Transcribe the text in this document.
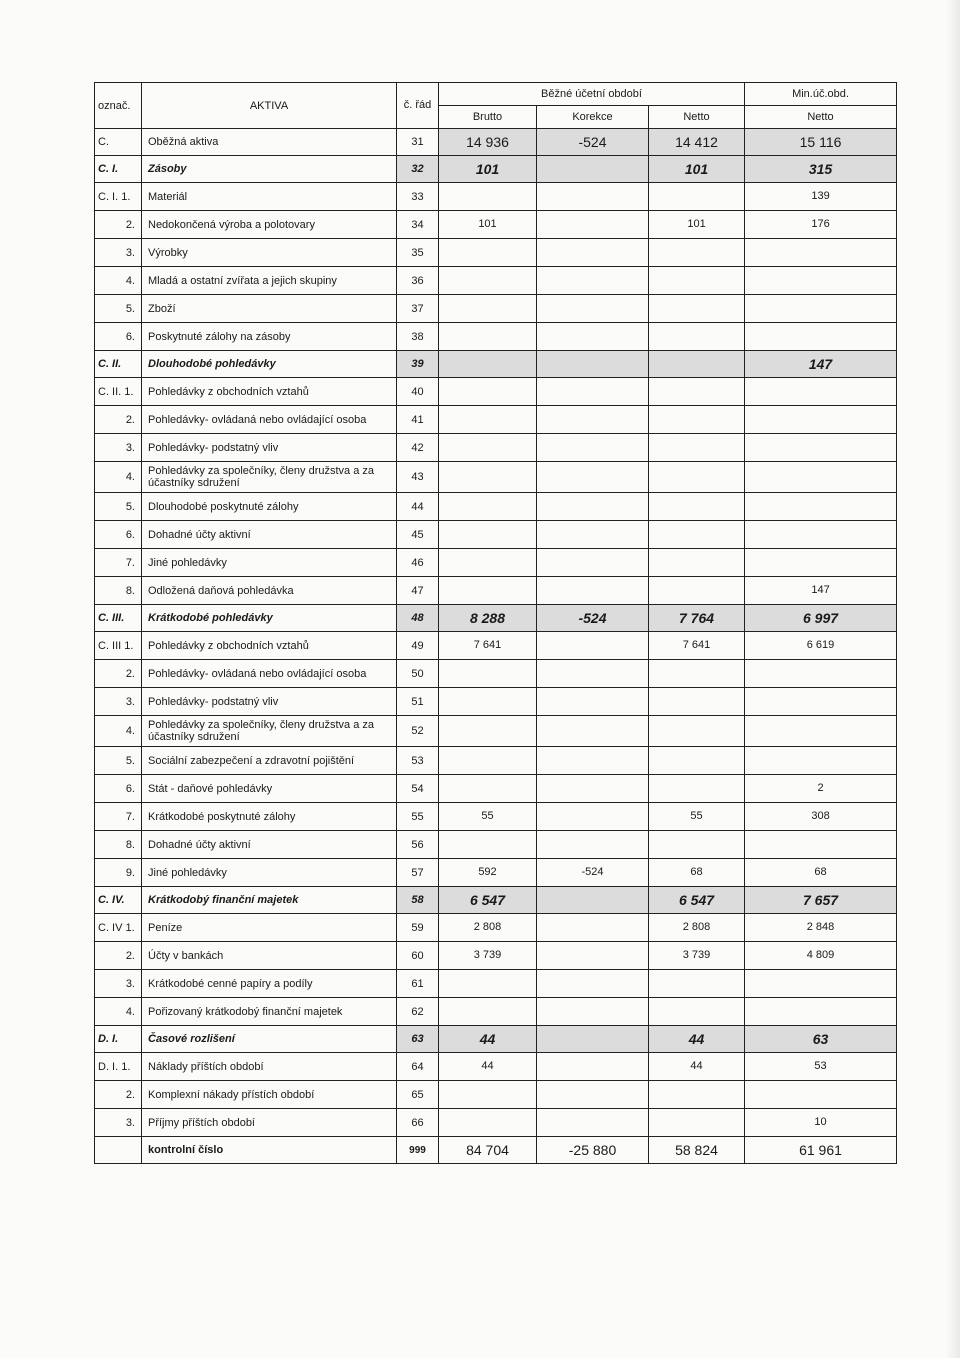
označ.	AKTIVA	č. řád	Běžné účetní období			Min.úč.obd.
			Brutto	Korekce	Netto	Netto
C.	Oběžná aktiva	31	14 936	-524	14 412	15 116
C. I.	Zásoby	32	101		101	315
C. I. 1.	Materiál	33				139
2.	Nedokončená výroba a polotovary	34	101		101	176
3.	Výrobky	35				
4.	Mladá a ostatní zvířata a jejich skupiny	36				
5.	Zboží	37				
6.	Poskytnuté zálohy na zásoby	38				
C. II.	Dlouhodobé pohledávky	39				147
C. II. 1.	Pohledávky z obchodních vztahů	40				
2.	Pohledávky- ovládaná nebo ovládající osoba	41				
3.	Pohledávky- podstatný vliv	42				
4.	Pohledávky za společníky, členy družstva a za účastníky sdružení	43				
5.	Dlouhodobé poskytnuté zálohy	44				
6.	Dohadné účty aktivní	45				
7.	Jiné pohledávky	46				
8.	Odložená daňová pohledávka	47				147
C. III.	Krátkodobé pohledávky	48	8 288	-524	7 764	6 997
C. III 1.	Pohledávky z obchodních vztahů	49	7 641		7 641	6 619
2.	Pohledávky- ovládaná nebo ovládající osoba	50				
3.	Pohledávky- podstatný vliv	51				
4.	Pohledávky za společníky, členy družstva a za účastníky sdružení	52				
5.	Sociální zabezpečení a zdravotní pojištění	53				
6.	Stát - daňové pohledávky	54				2
7.	Krátkodobé poskytnuté zálohy	55	55		55	308
8.	Dohadné účty aktivní	56				
9.	Jiné pohledávky	57	592	-524	68	68
C. IV.	Krátkodobý finanční majetek	58	6 547		6 547	7 657
C. IV 1.	Peníze	59	2 808		2 808	2 848
2.	Účty v bankách	60	3 739		3 739	4 809
3.	Krátkodobé cenné papíry a podíly	61				
4.	Pořizovaný krátkodobý finanční majetek	62				
D. I.	Časové rozlišení	63	44		44	63
D. I. 1.	Náklady příštích období	64	44		44	53
2.	Komplexní nákady přístích období	65				
3.	Příjmy příštích období	66				10
	kontrolní číslo	999	84 704	-25 880	58 824	61 961
